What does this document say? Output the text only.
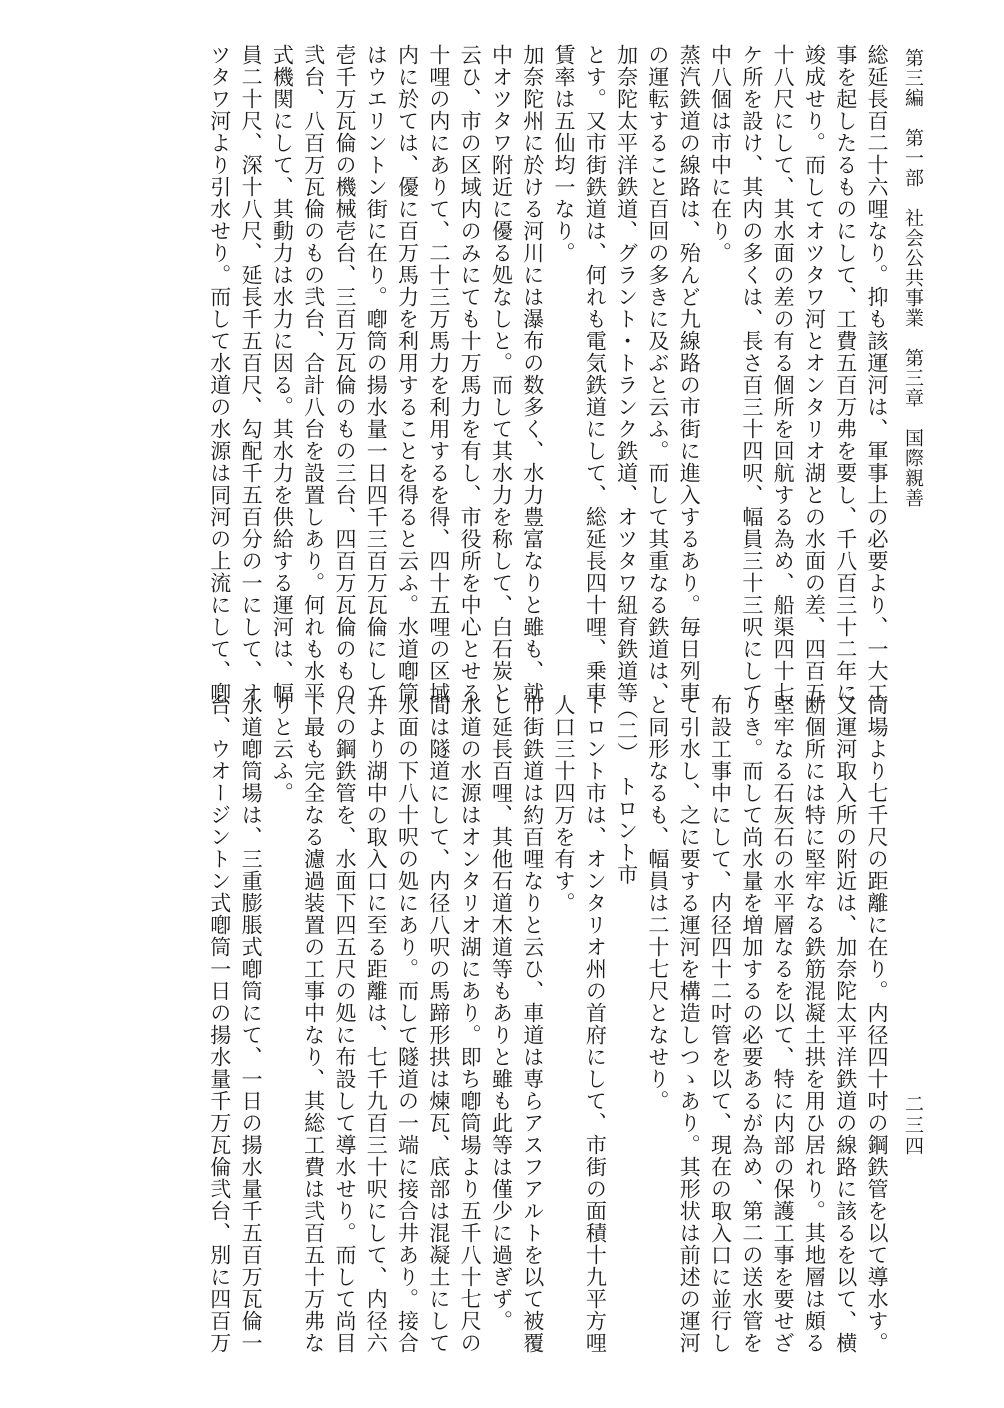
第三編　第一部　社会公共事業　第三章　国際親善
二三四
総延長百二十六哩なり。抑も該運河は、軍事上の必要より、一大工
事を起したるものにして、工費五百万弗を要し、千八百三十二年に
竣成せり。而してオツタワ河とオンタリオ湖との水面の差、四百五
十八尺にして、其水面の差の有る個所を回航する為め、船渠四十七
ケ所を設け、其内の多くは、長さ百三十四呎、幅員三十三呎にして
中八個は市中に在り。
蒸汽鉄道の線路は、殆んど九線路の市街に進入するあり。毎日列車
の運転すること百回の多きに及ぶと云ふ。而して其重なる鉄道は、
加奈陀太平洋鉄道、グラント・トランク鉄道、オツタワ紐育鉄道等
とす。又市街鉄道は、何れも電気鉄道にして、総延長四十哩、乗車
賃率は五仙均一なり。
加奈陀州に於ける河川には瀑布の数多く、水力豊富なりと雖も、就
中オツタワ附近に優る処なしと。而して其水力を称して、白石炭と
云ひ、市の区域内のみにても十万馬力を有し、市役所を中心とせる
十哩の内にありて、二十三万馬力を利用するを得、四十五哩の区域
内に於ては、優に百万馬力を利用することを得ると云ふ。水道喞筒
はウエリントン街に在り。喞筒の揚水量一日四千三百万瓦倫にして
壱千万瓦倫の機械壱台、三百万瓦倫のもの三台、四百万瓦倫のもの
弐台、八百万瓦倫のもの弐台、合計八台を設置しあり。何れも水平
式機関にして、其動力は水力に因る。其水力を供給する運河は、幅
員二十尺、深十八尺、延長千五百尺、勾配千五百分の一にして、オ
ツタワ河より引水せり。而して水道の水源は同河の上流にして、喞
筒場より七千尺の距離に在り。内径四十吋の鋼鉄管を以て導水す。
又運河取入所の附近は、加奈陀太平洋鉄道の線路に該るを以て、横
断個所には特に堅牢なる鉄筋混凝土拱を用ひ居れり。其地層は頗る
堅牢なる石灰石の水平層なるを以て、特に内部の保護工事を要せざ
りき。而して尚水量を増加するの必要あるが為め、第二の送水管を
布設工事中にして、内径四十二吋管を以て、現在の取入口に並行し
て引水し、之に要する運河を構造しつゝあり。其形状は前述の運河
と同形なるも、幅員は二十七尺となせり。
（二）　トロント市
トロント市は、オンタリオ州の首府にして、市街の面積十九平方哩
人口三十四万を有す。
市街鉄道は約百哩なりと云ひ、車道は専らアスフアルトを以て被覆
し延長百哩、其他石道木道等もありと雖も此等は僅少に過ぎず。
水道の水源はオンタリオ湖にあり。即ち喞筒場より五千八十七尺の
間は隧道にして、内径八呎の馬蹄形拱は煉瓦、底部は混凝土にして
水面の下八十呎の処にあり。而して隧道の一端に接合井あり。接合
井より湖中の取入口に至る距離は、七千九百三十呎にして、内径六
尺の鋼鉄管を、水面下四五尺の処に布設して導水せり。而して尚目
下最も完全なる濾過装置の工事中なり、其総工費は弐百五十万弗な
りと云ふ。
水道喞筒場は、三重膨脹式喞筒にて、一日の揚水量千五百万瓦倫一
台、ウオージントン式喞筒一日の揚水量千万瓦倫弐台、別に四百万
